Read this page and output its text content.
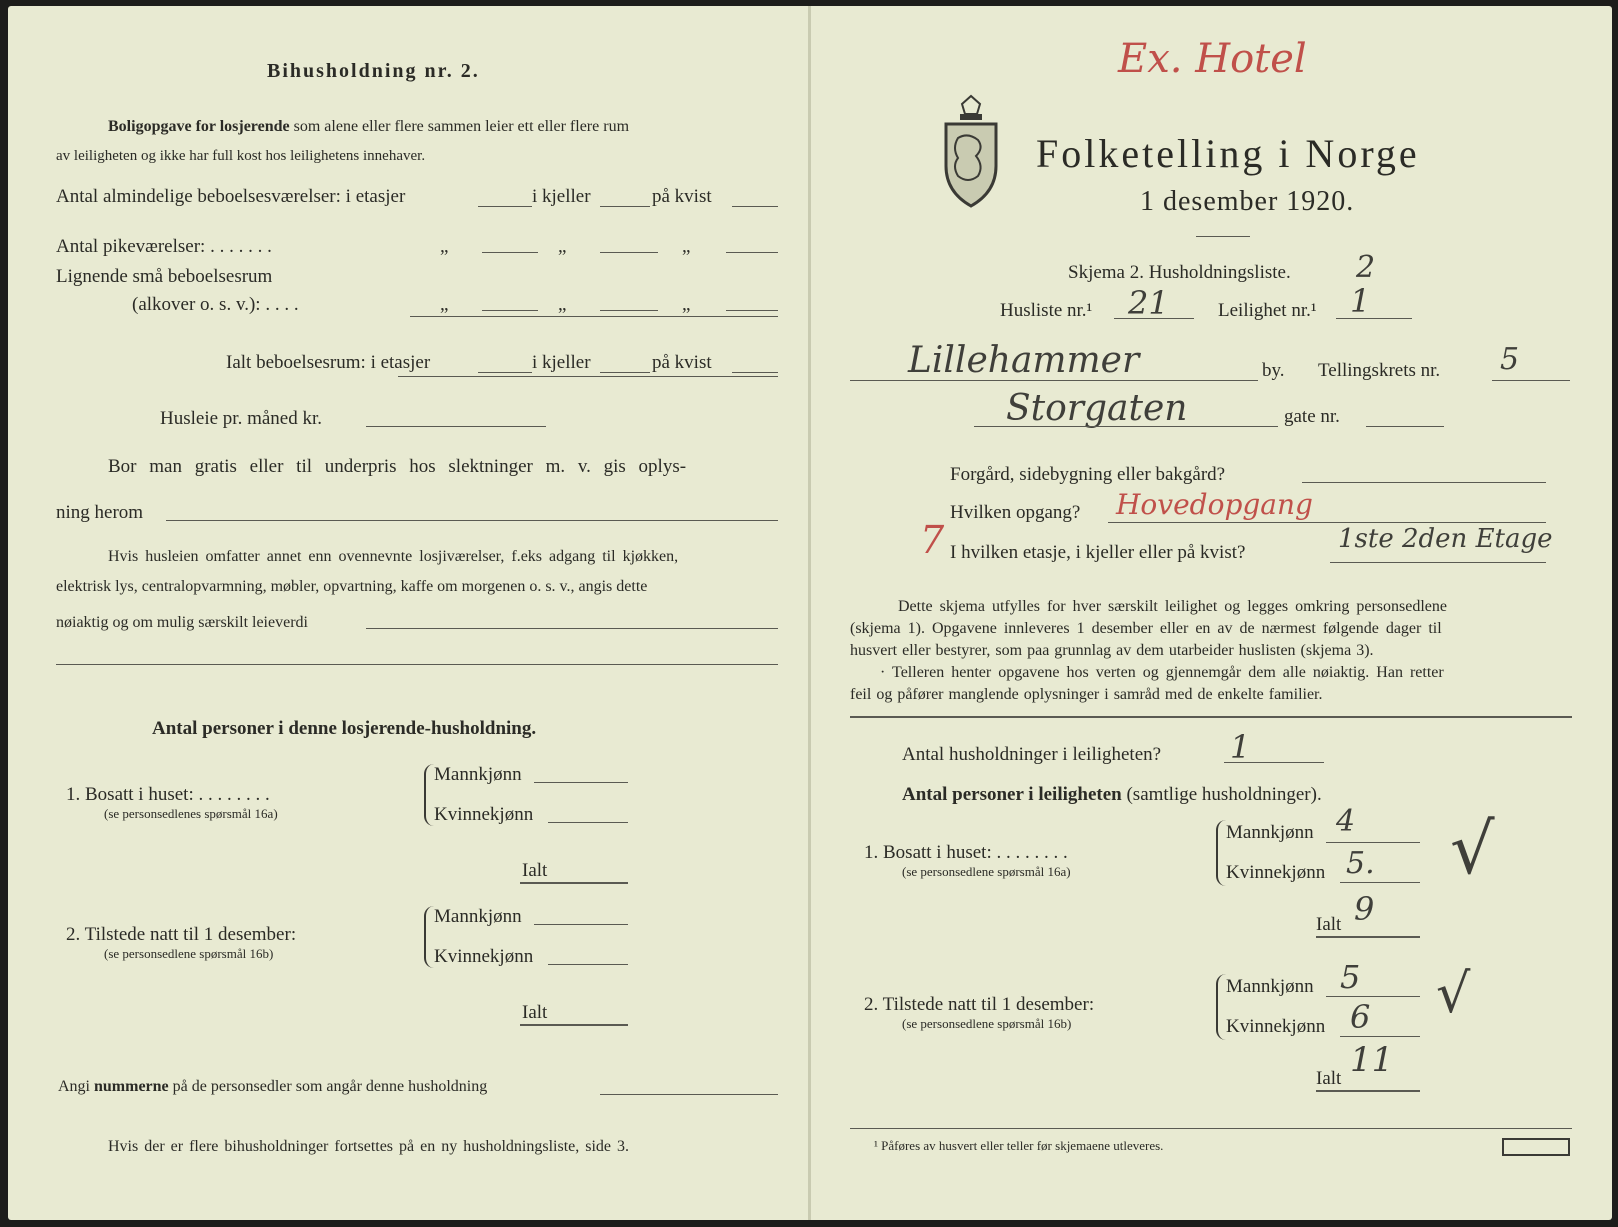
Bihusholdning nr. 2.
Boligopgave for losjerende som alene eller flere sammen leier ett eller flere rum
av leiligheten og ikke har full kost hos leilighetens innehaver.
Antal almindelige beboelsesværelser: i etasjer	i kjeller	på kvist
Antal pikeværelser: . . . . . . .	„	„	„
Lignende små beboelsesrum
(alkover o. s. v.): . . . .	„	„	„
Ialt beboelsesrum: i etasjer	i kjeller	på kvist
Husleie pr. måned kr.
Bor man gratis eller til underpris hos slektninger m. v. gis oplys-
ning herom
Hvis husleien omfatter annet enn ovennevnte losjiværelser, f.eks adgang til kjøkken,
elektrisk lys, centralopvarmning, møbler, opvartning, kaffe om morgenen o. s. v., angis dette
nøiaktig og om mulig særskilt leieverdi
Antal personer i denne losjerende-husholdning.
1. Bosatt i huset: . . . . . . . .
(se personsedlenes spørsmål 16a)
Mannkjønn
Kvinnekjønn
Ialt
2. Tilstede natt til 1 desember:
(se personsedlene spørsmål 16b)
Mannkjønn
Kvinnekjønn
Ialt
Angi nummerne på de personsedler som angår denne husholdning
Hvis der er flere bihusholdninger fortsettes på en ny husholdningsliste, side 3.
Ex. Hotel
Folketelling i Norge
1 desember 1920.
Skjema 2. Husholdningsliste. 2
Husliste nr.¹ 21	Leilighet nr.¹ 1
Lillehammer	by. Tellingskrets nr. 5
Storgaten	gate nr.
Forgård, sidebygning eller bakgård?
Hvilken opgang? Hovedopgang
7 I hvilken etasje, i kjeller eller på kvist?	1ste 2den Etage
Dette skjema utfylles for hver særskilt leilighet og legges omkring personsedlene
(skjema 1). Opgavene innleveres 1 desember eller en av de nærmest følgende dager til
husvert eller bestyrer, som paa grunnlag av dem utarbeider huslisten (skjema 3).
· Telleren henter opgavene hos verten og gjennemgår dem alle nøiaktig. Han retter
feil og påfører manglende oplysninger i samråd med de enkelte familier.
Antal husholdninger i leiligheten? 1
Antal personer i leiligheten (samtlige husholdninger).
1. Bosatt i huset: . . . . . . . .
(se personsedlene spørsmål 16a)
Mannkjønn 4
Kvinnekjønn 5.
Ialt 9
√
2. Tilstede natt til 1 desember:
(se personsedlene spørsmål 16b)
Mannkjønn 5
Kvinnekjønn 6
Ialt 11
√
¹ Påføres av husvert eller teller før skjemaene utleveres.
